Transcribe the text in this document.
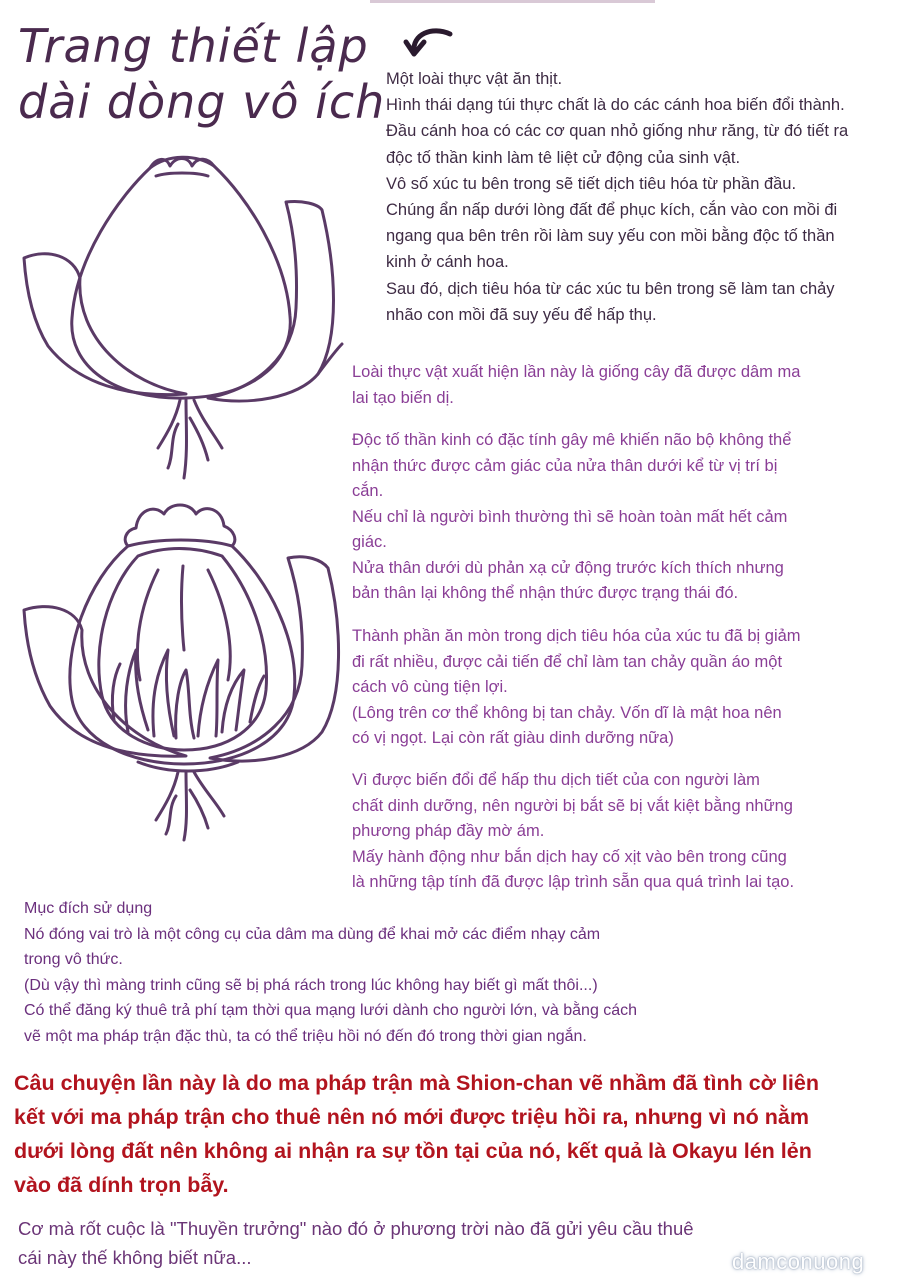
Trang thiết lập
dài dòng vô ích Một loài thực vật ăn thịt.
Hình thái dạng túi thực chất là do các cánh hoa biến đổi thành.
Đầu cánh hoa có các cơ quan nhỏ giống như răng, từ đó tiết ra
độc tố thần kinh làm tê liệt cử động của sinh vật.
Vô số xúc tu bên trong sẽ tiết dịch tiêu hóa từ phần đầu.
Chúng ẩn nấp dưới lòng đất để phục kích, cắn vào con mồi đi
ngang qua bên trên rồi làm suy yếu con mồi bằng độc tố thần
kinh ở cánh hoa.
Sau đó, dịch tiêu hóa từ các xúc tu bên trong sẽ làm tan chảy
nhão con mồi đã suy yếu để hấp thụ.
Loài thực vật xuất hiện lần này là giống cây đã được dâm ma
lai tạo biến dị.
Độc tố thần kinh có đặc tính gây mê khiến não bộ không thể
nhận thức được cảm giác của nửa thân dưới kể từ vị trí bị
cắn.
Nếu chỉ là người bình thường thì sẽ hoàn toàn mất hết cảm
giác.
Nửa thân dưới dù phản xạ cử động trước kích thích nhưng
bản thân lại không thể nhận thức được trạng thái đó.
Thành phần ăn mòn trong dịch tiêu hóa của xúc tu đã bị giảm
đi rất nhiều, được cải tiến để chỉ làm tan chảy quần áo một
cách vô cùng tiện lợi.
(Lông trên cơ thể không bị tan chảy. Vốn dĩ là mật hoa nên
có vị ngọt. Lại còn rất giàu dinh dưỡng nữa)
Vì được biến đổi để hấp thu dịch tiết của con người làm
chất dinh dưỡng, nên người bị bắt sẽ bị vắt kiệt bằng những
phương pháp đầy mờ ám.
Mấy hành động như bắn dịch hay cố xịt vào bên trong cũng
là những tập tính đã được lập trình sẵn qua quá trình lai tạo.
Mục đích sử dụng
Nó đóng vai trò là một công cụ của dâm ma dùng để khai mở các điểm nhạy cảm
trong vô thức.
(Dù vậy thì màng trinh cũng sẽ bị phá rách trong lúc không hay biết gì mất thôi...)
Có thể đăng ký thuê trả phí tạm thời qua mạng lưới dành cho người lớn, và bằng cách
vẽ một ma pháp trận đặc thù, ta có thể triệu hồi nó đến đó trong thời gian ngắn.
Câu chuyện lần này là do ma pháp trận mà Shion-chan vẽ nhầm đã tình cờ liên
kết với ma pháp trận cho thuê nên nó mới được triệu hồi ra, nhưng vì nó nằm
dưới lòng đất nên không ai nhận ra sự tồn tại của nó, kết quả là Okayu lén lẻn
vào đã dính trọn bẫy.
Cơ mà rốt cuộc là "Thuyền trưởng" nào đó ở phương trời nào đã gửi yêu cầu thuê
cái này thế không biết nữa...	damconuong
